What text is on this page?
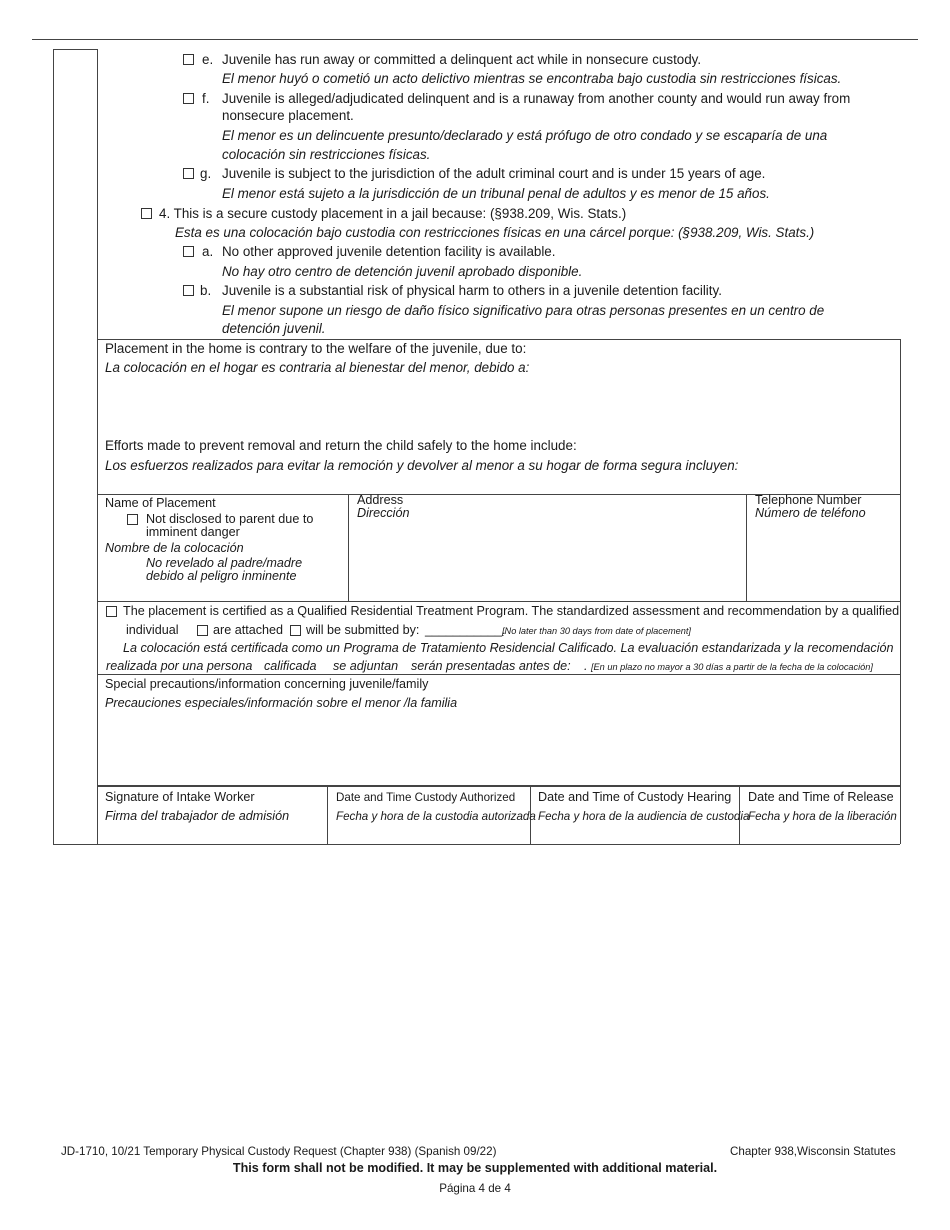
e. Juvenile has run away or committed a delinquent act while in nonsecure custody.
El menor huyó o cometió un acto delictivo mientras se encontraba bajo custodia sin restricciones físicas.
f. Juvenile is alleged/adjudicated delinquent and is a runaway from another county and would run away from
nonsecure placement.
El menor es un delincuente presunto/declarado y está prófugo de otro condado y se escaparía de una
colocación sin restricciones físicas.
g. Juvenile is subject to the jurisdiction of the adult criminal court and is under 15 years of age.
El menor está sujeto a la jurisdicción de un tribunal penal de adultos y es menor de 15 años.
4. This is a secure custody placement in a jail because: (§938.209, Wis. Stats.)
Esta es una colocación bajo custodia con restricciones físicas en una cárcel porque: (§938.209, Wis. Stats.)
a. No other approved juvenile detention facility is available.
No hay otro centro de detención juvenil aprobado disponible.
b. Juvenile is a substantial risk of physical harm to others in a juvenile detention facility.
El menor supone un riesgo de daño físico significativo para otras personas presentes en un centro de
detención juvenil.
Placement in the home is contrary to the welfare of the juvenile, due to:
La colocación en el hogar es contraria al bienestar del menor, debido a:
Efforts made to prevent removal and return the child safely to the home include:
Los esfuerzos realizados para evitar la remoción y devolver al menor a su hogar de forma segura incluyen:
Name of Placement
Not disclosed to parent due to
imminent danger
Nombre de la colocación
No revelado al padre/madre
debido al peligro inminente
Address
Dirección
Telephone Number
Número de teléfono
The placement is certified as a Qualified Residential Treatment Program. The standardized assessment and recommendation by a qualified
individual	are attached will be submitted by: ___________.
[No later than 30 days from date of placement]
La colocación está certificada como un Programa de Tratamiento Residencial Calificado. La evaluación estandarizada y la recomendación
realizada por una persona calificada se adjuntan serán presentadas antes de: . [En un plazo no mayor a 30 días a partir de la fecha de la colocación]
Special precautions/information concerning juvenile/family
Precauciones especiales/información sobre el menor /la familia
Signature of Intake Worker
Firma del trabajador de admisión
Date and Time Custody Authorized
Fecha y hora de la custodia autorizada
Date and Time of Custody Hearing
Fecha y hora de la audiencia de custodia
Date and Time of Release
Fecha y hora de la liberación
JD-1710, 10/21 Temporary Physical Custody Request (Chapter 938) (Spanish 09/22)	Chapter 938,Wisconsin Statutes
This form shall not be modified. It may be supplemented with additional material.
Página 4 de 4
